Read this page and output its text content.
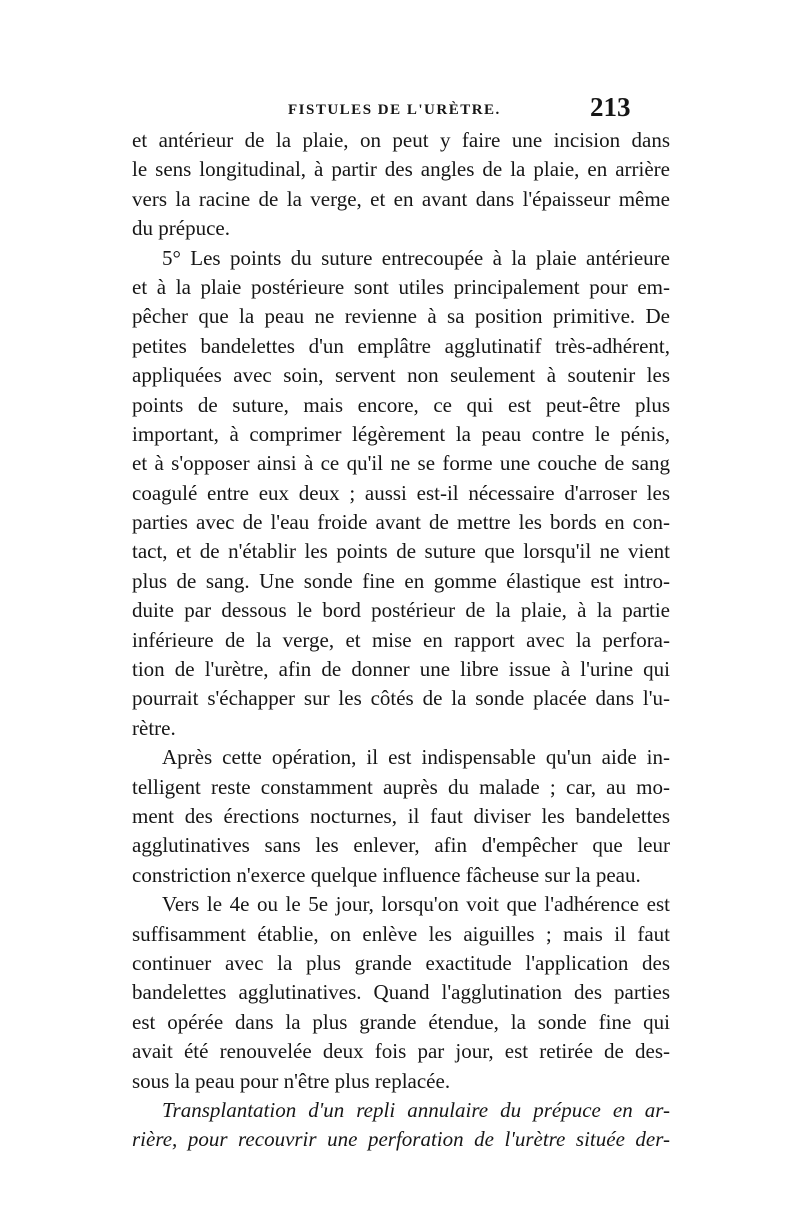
FISTULES DE L'URÈTRE.	213
et antérieur de la plaie, on peut y faire une incision dans
le sens longitudinal, à partir des angles de la plaie, en arrière
vers la racine de la verge, et en avant dans l'épaisseur même
du prépuce.
5° Les points du suture entrecoupée à la plaie antérieure
et à la plaie postérieure sont utiles principalement pour em-
pêcher que la peau ne revienne à sa position primitive. De
petites bandelettes d'un emplâtre agglutinatif très-adhérent,
appliquées avec soin, servent non seulement à soutenir les
points de suture, mais encore, ce qui est peut-être plus
important, à comprimer légèrement la peau contre le pénis,
et à s'opposer ainsi à ce qu'il ne se forme une couche de sang
coagulé entre eux deux ; aussi est-il nécessaire d'arroser les
parties avec de l'eau froide avant de mettre les bords en con-
tact, et de n'établir les points de suture que lorsqu'il ne vient
plus de sang. Une sonde fine en gomme élastique est intro-
duite par dessous le bord postérieur de la plaie, à la partie
inférieure de la verge, et mise en rapport avec la perfora-
tion de l'urètre, afin de donner une libre issue à l'urine qui
pourrait s'échapper sur les côtés de la sonde placée dans l'u-
rètre.
Après cette opération, il est indispensable qu'un aide in-
telligent reste constamment auprès du malade ; car, au mo-
ment des érections nocturnes, il faut diviser les bandelettes
agglutinatives sans les enlever, afin d'empêcher que leur
constriction n'exerce quelque influence fâcheuse sur la peau.
Vers le 4e ou le 5e jour, lorsqu'on voit que l'adhérence est
suffisamment établie, on enlève les aiguilles ; mais il faut
continuer avec la plus grande exactitude l'application des
bandelettes agglutinatives. Quand l'agglutination des parties
est opérée dans la plus grande étendue, la sonde fine qui
avait été renouvelée deux fois par jour, est retirée de des-
sous la peau pour n'être plus replacée.
Transplantation d'un repli annulaire du prépuce en ar-
rière, pour recouvrir une perforation de l'urètre située der-
